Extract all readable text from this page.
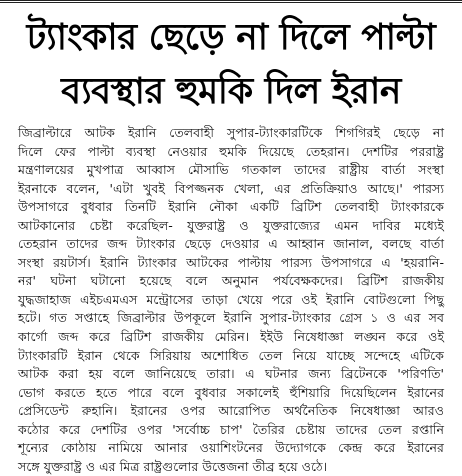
ট্যাংকার ছেড়ে না দিলে পাল্টা
ব্যবস্থার হুমকি দিল ইরান
জিব্রাল্টারে আটক ইরানি তেলবাহী সুপার-ট্যাংকারটিকে শিগগিরই ছেড়ে না
দিলে ফের পাল্টা ব্যবস্থা নেওয়ার হুমকি দিয়েছে তেহরান। দেশটির পররাষ্ট্র
মন্ত্রণালয়ের মুখপাত্র আব্বাস মৌসাভি গতকাল তাদের রাষ্ট্রীয় বার্তা সংস্থা
ইরনাকে বলেন, 'এটা খুবই বিপজ্জনক খেলা, এর প্রতিক্রিয়াও আছে।' পারস্য
উপসাগরে বুধবার তিনটি ইরানি নৌকা একটি ব্রিটিশ তেলবাহী ট্যাংকারকে
আটকানোর চেষ্টা করেছিল- যুক্তরাষ্ট্র ও যুক্তরাজ্যের এমন দাবির মধ্যেই
তেহরান তাদের জব্দ ট্যাংকার ছেড়ে দেওয়ার এ আহ্বান জানাল, বলছে বার্তা
সংস্থা রয়টার্স। ইরানি ট্যাংকার আটকের পাল্টায় পারস্য উপসাগরে এ 'হয়রানি-
নর' ঘটনা ঘটানো হয়েছে বলে অনুমান পর্যবেক্ষকদের। ব্রিটিশ রাজকীয়
যুদ্ধজাহাজ এইচএমএস মন্ট্রোসের তাড়া খেয়ে পরে ওই ইরানি বোটগুলো পিছু
হটে। গত সপ্তাহে জিব্রাল্টার উপকূলে ইরানি সুপার-ট্যাংকার গ্রেস ১ ও এর সব
কার্গো জব্দ করে ব্রিটিশ রাজকীয় মেরিন। ইইউ নিষেধাজ্ঞা লঙ্ঘন করে ওই
ট্যাংকারটি ইরান থেকে সিরিয়ায় অশোধিত তেল নিয়ে যাচ্ছে সন্দেহে এটিকে
আটক করা হয় বলে জানিয়েছে তারা। এ ঘটনার জন্য ব্রিটেনকে 'পরিণতি'
ভোগ করতে হতে পারে বলে বুধবার সকালেই হুঁশিয়ারি দিয়েছিলেন ইরানের
প্রেসিডেন্ট রুহানি। ইরানের ওপর আরোপিত অর্থনৈতিক নিষেধাজ্ঞা আরও
কঠোর করে দেশটির ওপর 'সর্বোচ্চ চাপ' তৈরির চেষ্টায় তাদের তেল রপ্তানি
শূন্যের কোঠায় নামিয়ে আনার ওয়াশিংটনের উদ্যোগকে কেন্দ্র করে ইরানের
সঙ্গে যুক্তরাষ্ট্র ও এর মিত্র রাষ্ট্রগুলোর উত্তেজনা তীব্র হয়ে ওঠে।
